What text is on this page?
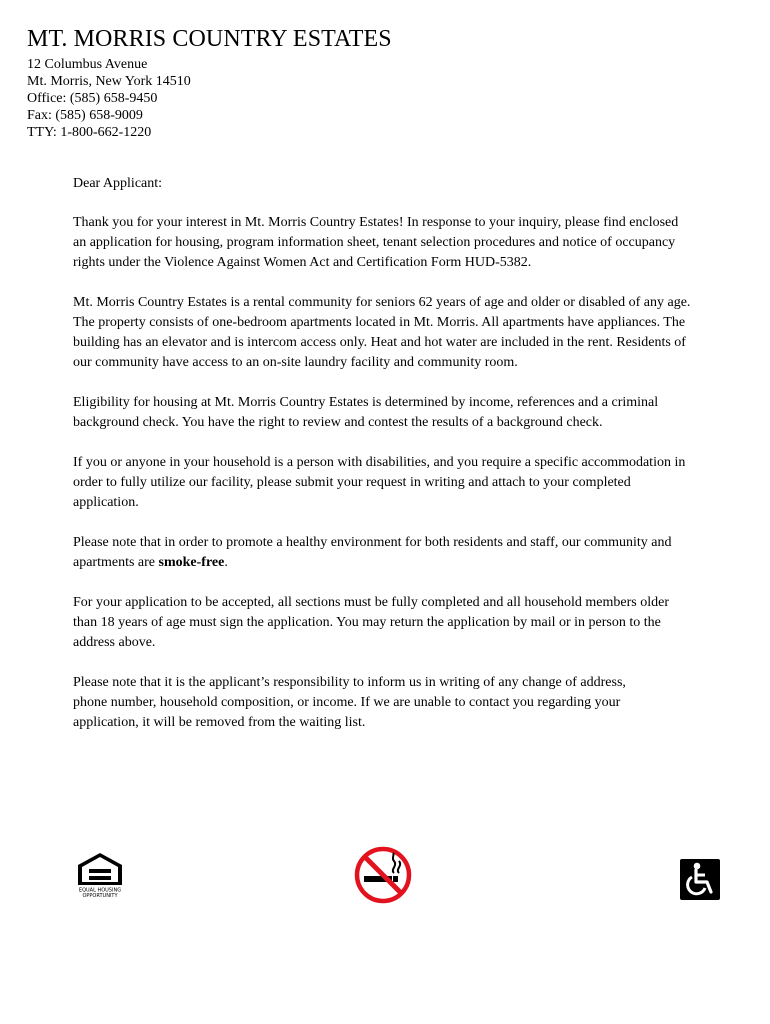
MT. MORRIS COUNTRY ESTATES
12 Columbus Avenue
Mt. Morris, New York 14510
Office: (585) 658-9450
Fax: (585) 658-9009
TTY: 1-800-662-1220

Dear Applicant:

Thank you for your interest in Mt. Morris Country Estates! In response to your inquiry, please find enclosed
an application for housing, program information sheet, tenant selection procedures and notice of occupancy
rights under the Violence Against Women Act and Certification Form HUD-5382.

Mt. Morris Country Estates is a rental community for seniors 62 years of age and older or disabled of any age.
The property consists of one-bedroom apartments located in Mt. Morris. All apartments have appliances. The
building has an elevator and is intercom access only. Heat and hot water are included in the rent. Residents of
our community have access to an on-site laundry facility and community room.

Eligibility for housing at Mt. Morris Country Estates is determined by income, references and a criminal
background check. You have the right to review and contest the results of a background check.

If you or anyone in your household is a person with disabilities, and you require a specific accommodation in
order to fully utilize our facility, please submit your request in writing and attach to your completed
application.

Please note that in order to promote a healthy environment for both residents and staff, our community and
apartments are smoke-free.

For your application to be accepted, all sections must be fully completed and all household members older
than 18 years of age must sign the application. You may return the application by mail or in person to the
address above.

Please note that it is the applicant’s responsibility to inform us in writing of any change of address,
phone number, household composition, or income. If we are unable to contact you regarding your
application, it will be removed from the waiting list.

EQUAL HOUSING
OPPORTUNITY
